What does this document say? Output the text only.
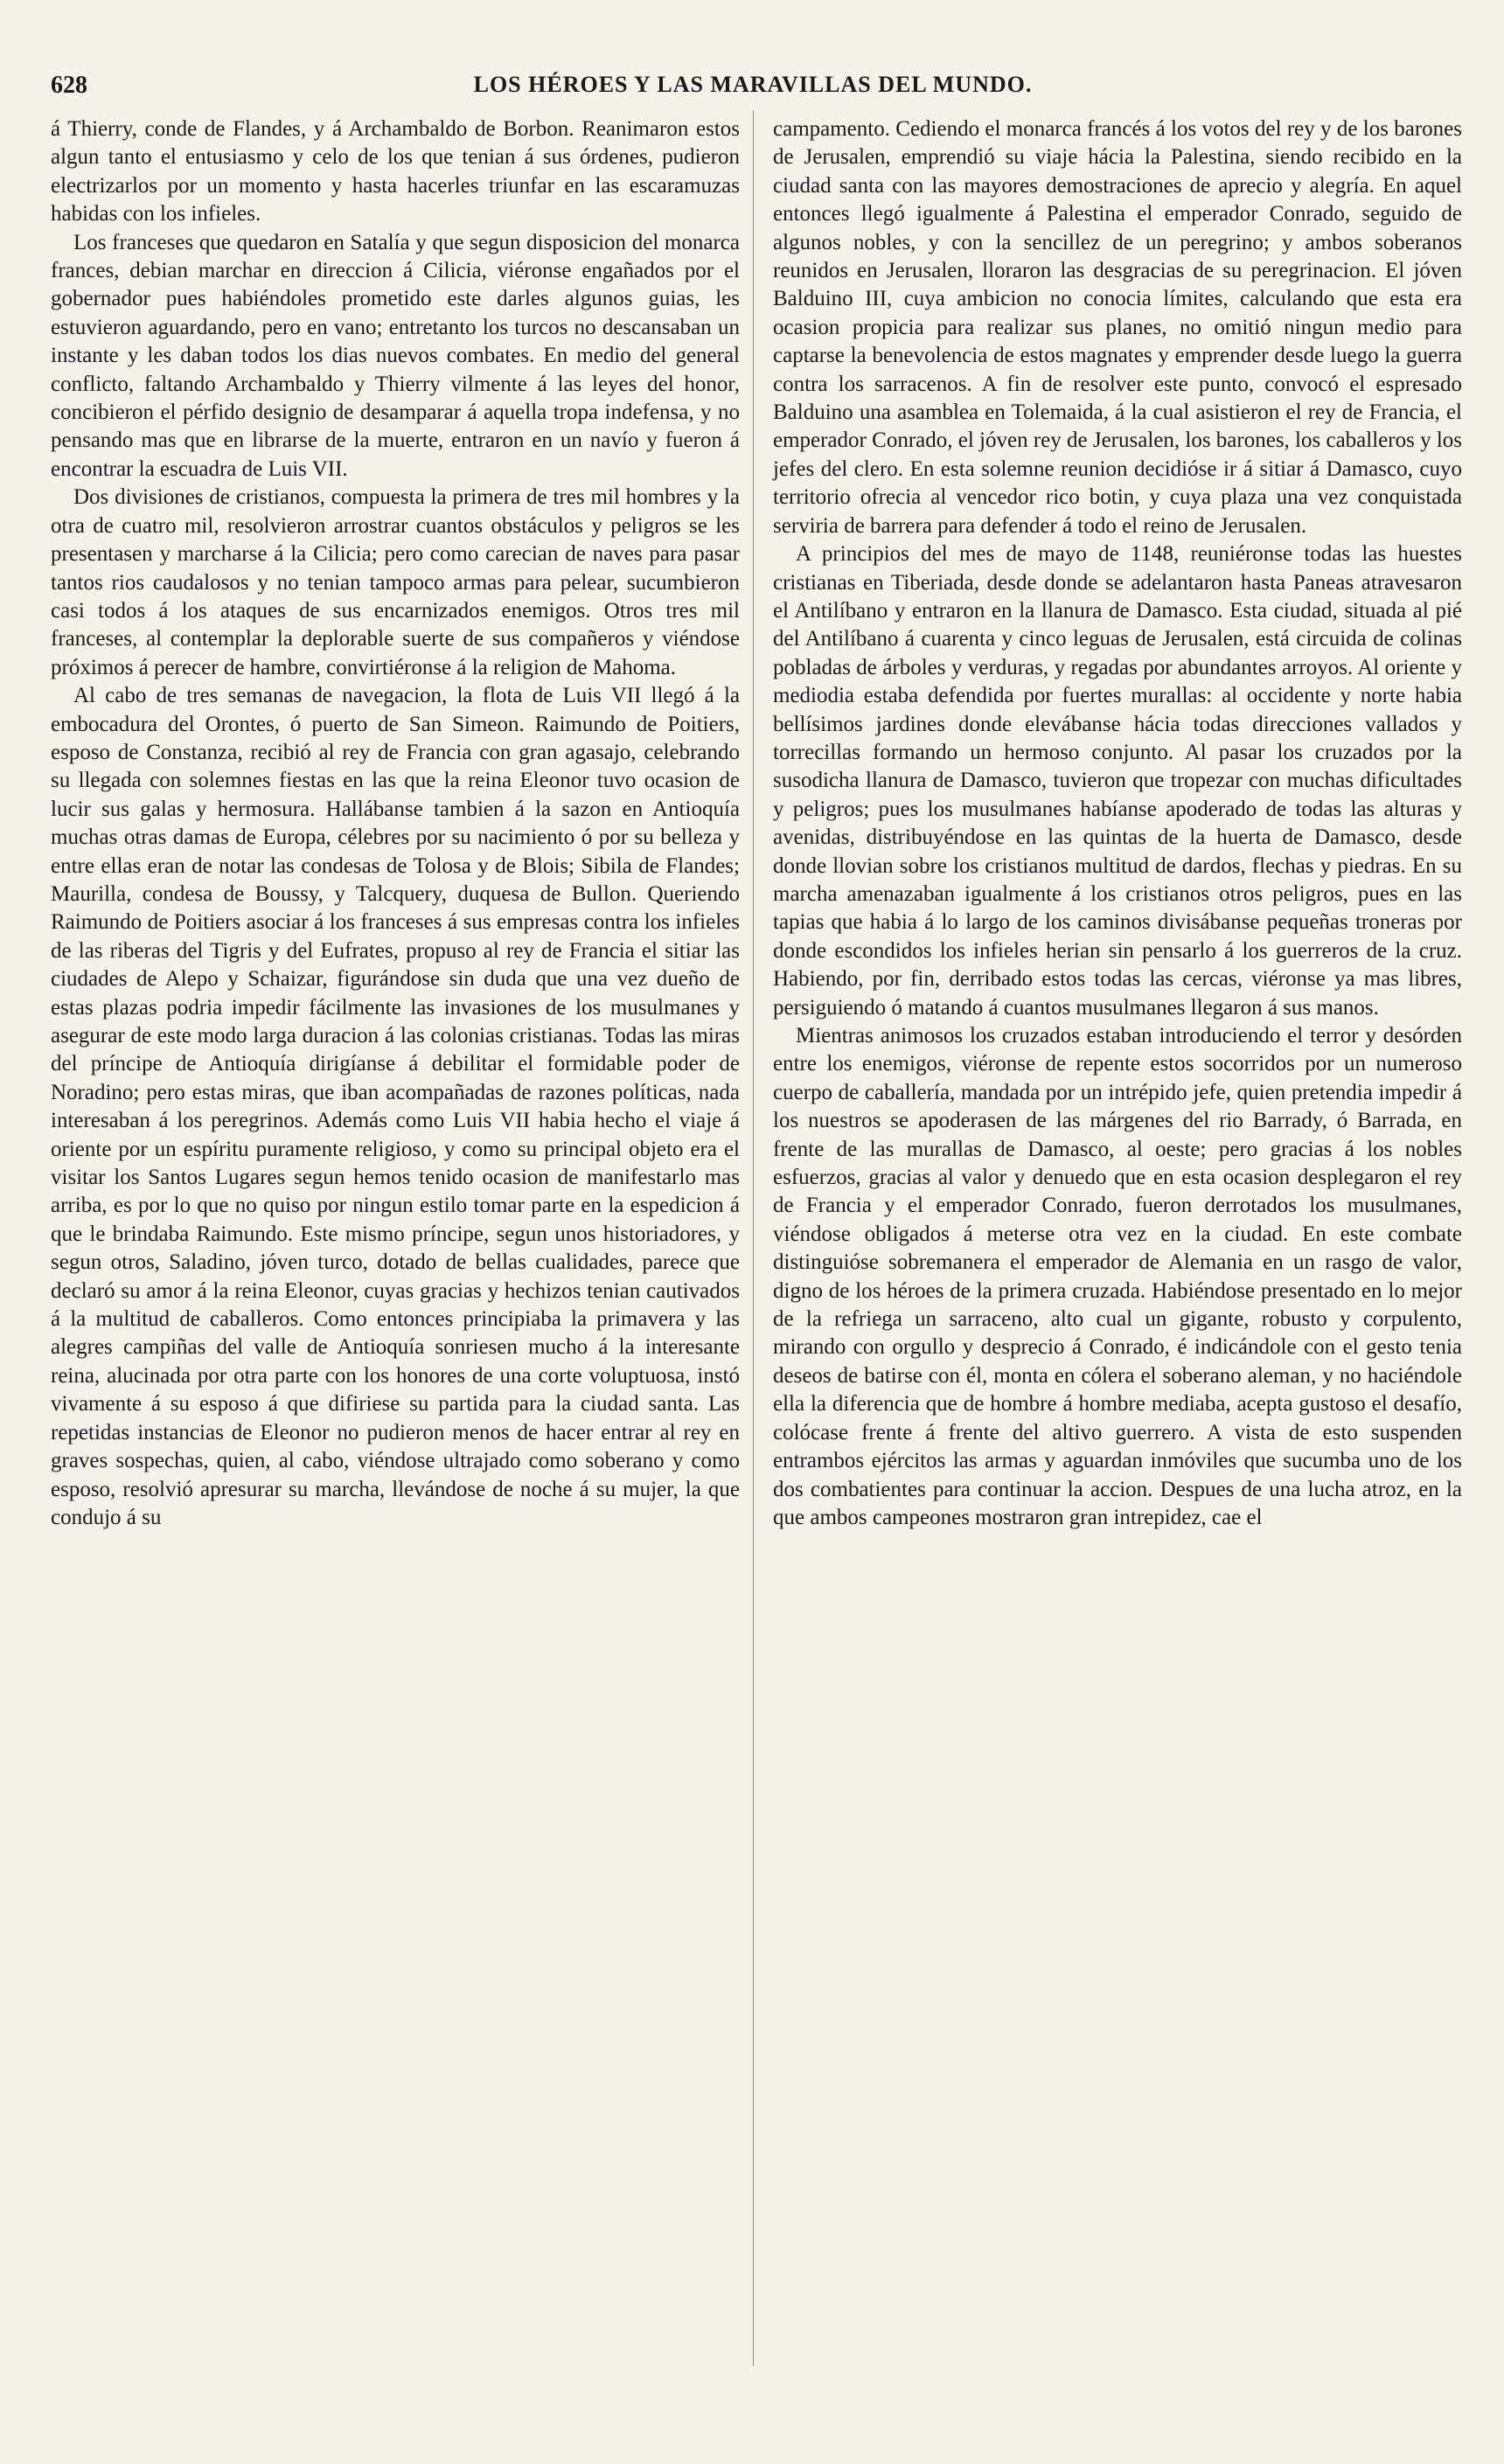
628	LOS HÉROES Y LAS MARAVILLAS DEL MUNDO.

á Thierry, conde de Flandes, y á Archambaldo de Borbon. Reanimaron estos algun tanto el entusiasmo y celo de los que tenian á sus órdenes, pudieron electrizarlos por un momento y hasta hacerles triunfar en las escaramuzas habidas con los infieles.

Los franceses que quedaron en Satalía y que segun disposicion del monarca frances, debian marchar en direccion á Cilicia, viéronse engañados por el gobernador pues habiéndoles prometido este darles algunos guias, les estuvieron aguardando, pero en vano; entretanto los turcos no descansaban un instante y les daban todos los dias nuevos combates. En medio del general conflicto, faltando Archambaldo y Thierry vilmente á las leyes del honor, concibieron el pérfido designio de desamparar á aquella tropa indefensa, y no pensando mas que en librarse de la muerte, entraron en un navío y fueron á encontrar la escuadra de Luis VII.

Dos divisiones de cristianos, compuesta la primera de tres mil hombres y la otra de cuatro mil, resolvieron arrostrar cuantos obstáculos y peligros se les presentasen y marcharse á la Cilicia; pero como carecian de naves para pasar tantos rios caudalosos y no tenian tampoco armas para pelear, sucumbieron casi todos á los ataques de sus encarnizados enemigos. Otros tres mil franceses, al contemplar la deplorable suerte de sus compañeros y viéndose próximos á perecer de hambre, convirtiéronse á la religion de Mahoma.

Al cabo de tres semanas de navegacion, la flota de Luis VII llegó á la embocadura del Orontes, ó puerto de San Simeon. Raimundo de Poitiers, esposo de Constanza, recibió al rey de Francia con gran agasajo, celebrando su llegada con solemnes fiestas en las que la reina Eleonor tuvo ocasion de lucir sus galas y hermosura. Hallábanse tambien á la sazon en Antioquía muchas otras damas de Europa, célebres por su nacimiento ó por su belleza y entre ellas eran de notar las condesas de Tolosa y de Blois; Sibila de Flandes; Maurilla, condesa de Boussy, y Talcquery, duquesa de Bullon. Queriendo Raimundo de Poitiers asociar á los franceses á sus empresas contra los infieles de las riberas del Tigris y del Eufrates, propuso al rey de Francia el sitiar las ciudades de Alepo y Schaizar, figurándose sin duda que una vez dueño de estas plazas podria impedir fácilmente las invasiones de los musulmanes y asegurar de este modo larga duracion á las colonias cristianas. Todas las miras del príncipe de Antioquía dirigíanse á debilitar el formidable poder de Noradino; pero estas miras, que iban acompañadas de razones políticas, nada interesaban á los peregrinos. Además como Luis VII habia hecho el viaje á oriente por un espíritu puramente religioso, y como su principal objeto era el visitar los Santos Lugares segun hemos tenido ocasion de manifestarlo mas arriba, es por lo que no quiso por ningun estilo tomar parte en la espedicion á que le brindaba Raimundo. Este mismo príncipe, segun unos historiadores, y segun otros, Saladino, jóven turco, dotado de bellas cualidades, parece que declaró su amor á la reina Eleonor, cuyas gracias y hechizos tenian cautivados á la multitud de caballeros. Como entonces principiaba la primavera y las alegres campiñas del valle de Antioquía sonriesen mucho á la interesante reina, alucinada por otra parte con los honores de una corte voluptuosa, instó vivamente á su esposo á que difiriese su partida para la ciudad santa. Las repetidas instancias de Eleonor no pudieron menos de hacer entrar al rey en graves sospechas, quien, al cabo, viéndose ultrajado como soberano y como esposo, resolvió apresurar su marcha, llevándose de noche á su mujer, la que condujo á su

campamento. Cediendo el monarca francés á los votos del rey y de los barones de Jerusalen, emprendió su viaje hácia la Palestina, siendo recibido en la ciudad santa con las mayores demostraciones de aprecio y alegría. En aquel entonces llegó igualmente á Palestina el emperador Conrado, seguido de algunos nobles, y con la sencillez de un peregrino; y ambos soberanos reunidos en Jerusalen, lloraron las desgracias de su peregrinacion. El jóven Balduino III, cuya ambicion no conocia límites, calculando que esta era ocasion propicia para realizar sus planes, no omitió ningun medio para captarse la benevolencia de estos magnates y emprender desde luego la guerra contra los sarracenos. A fin de resolver este punto, convocó el espresado Balduino una asamblea en Tolemaida, á la cual asistieron el rey de Francia, el emperador Conrado, el jóven rey de Jerusalen, los barones, los caballeros y los jefes del clero. En esta solemne reunion decidióse ir á sitiar á Damasco, cuyo territorio ofrecia al vencedor rico botin, y cuya plaza una vez conquistada serviria de barrera para defender á todo el reino de Jerusalen.

A principios del mes de mayo de 1148, reuniéronse todas las huestes cristianas en Tiberiada, desde donde se adelantaron hasta Paneas atravesaron el Antilíbano y entraron en la llanura de Damasco. Esta ciudad, situada al pié del Antilíbano á cuarenta y cinco leguas de Jerusalen, está circuida de colinas pobladas de árboles y verduras, y regadas por abundantes arroyos. Al oriente y mediodia estaba defendida por fuertes murallas: al occidente y norte habia bellísimos jardines donde elevábanse hácia todas direcciones vallados y torrecillas formando un hermoso conjunto. Al pasar los cruzados por la susodicha llanura de Damasco, tuvieron que tropezar con muchas dificultades y peligros; pues los musulmanes habíanse apoderado de todas las alturas y avenidas, distribuyéndose en las quintas de la huerta de Damasco, desde donde llovian sobre los cristianos multitud de dardos, flechas y piedras. En su marcha amenazaban igualmente á los cristianos otros peligros, pues en las tapias que habia á lo largo de los caminos divisábanse pequeñas troneras por donde escondidos los infieles herian sin pensarlo á los guerreros de la cruz. Habiendo, por fin, derribado estos todas las cercas, viéronse ya mas libres, persiguiendo ó matando á cuantos musulmanes llegaron á sus manos.

Mientras animosos los cruzados estaban introduciendo el terror y desórden entre los enemigos, viéronse de repente estos socorridos por un numeroso cuerpo de caballería, mandada por un intrépido jefe, quien pretendia impedir á los nuestros se apoderasen de las márgenes del rio Barrady, ó Barrada, en frente de las murallas de Damasco, al oeste; pero gracias á los nobles esfuerzos, gracias al valor y denuedo que en esta ocasion desplegaron el rey de Francia y el emperador Conrado, fueron derrotados los musulmanes, viéndose obligados á meterse otra vez en la ciudad. En este combate distinguióse sobremanera el emperador de Alemania en un rasgo de valor, digno de los héroes de la primera cruzada. Habiéndose presentado en lo mejor de la refriega un sarraceno, alto cual un gigante, robusto y corpulento, mirando con orgullo y desprecio á Conrado, é indicándole con el gesto tenia deseos de batirse con él, monta en cólera el soberano aleman, y no haciéndole ella la diferencia que de hombre á hombre mediaba, acepta gustoso el desafío, colócase frente á frente del altivo guerrero. A vista de esto suspenden entrambos ejércitos las armas y aguardan inmóviles que sucumba uno de los dos combatientes para continuar la accion. Despues de una lucha atroz, en la que ambos campeones mostraron gran intrepidez, cae el
